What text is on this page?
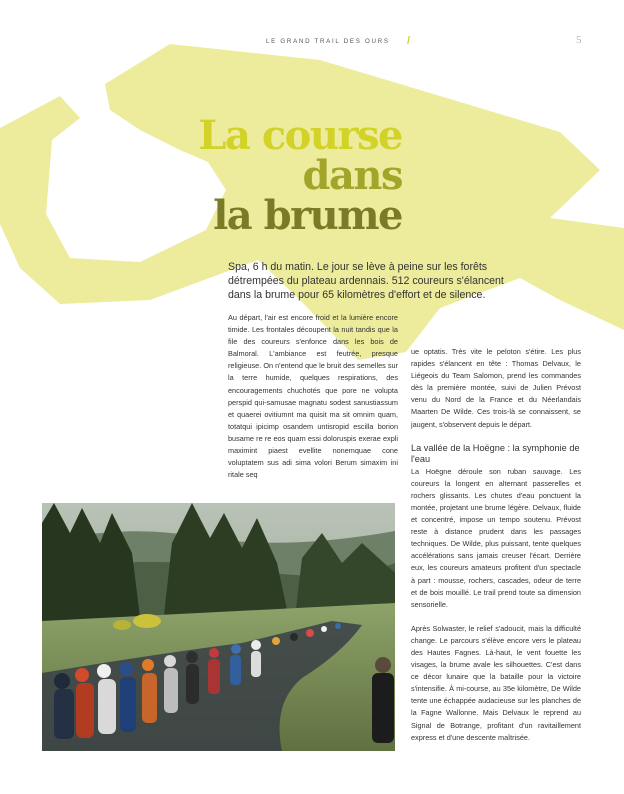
LE GRAND TRAIL DES OURS /	5
La course
dans
la brume
Spa, 6 h du matin. Le jour se lève à peine sur les forêts détrempées du plateau ardennais. 512 coureurs s'élancent dans la brume pour 65 kilomètres d'effort et de silence.
Au départ, l'air est encore froid et la lumière encore timide. Les frontales découpent la nuit tandis que la file des coureurs s'enfonce dans les bois de Balmoral. L'ambiance est feutrée, presque religieuse. On n'entend que le bruit des semelles sur la terre humide, quelques respirations, des encouragements chuchotés que pore ne volupta perspid qui-samusae magnatu sodest sanustiassum et quaerei ovitiumnt ma quisit ma sit omnim quam, totatqui ipicimp osandem untisropid escilla borion busame re re eos quam essi doloruspis exerae expli maximint piaest evellite nonemquae cone voluptatem sus adi sima volori Berum simaxim ini ritale seq

ue optatis. Très vite le peloton s'étire. Les plus rapides s'élancent en tête : Thomas Delvaux, le Liégeois du Team Salomon, prend les commandes dès la première montée, suivi de Julien Prévost venu du Nord de la France et du Néerlandais Maarten De Wilde. Ces trois-là se connaissent, se jaugent, s'observent depuis le départ.

La vallée de la Hoëgne : la symphonie de l'eau

La Hoëgne déroule son ruban sauvage. Les coureurs la longent en alternant passerelles et rochers glissants. Les chutes d'eau ponctuent la montée, projetant une brume légère. Delvaux, fluide et concentré, impose un tempo soutenu. Prévost reste à distance prudent dans les passages techniques. De Wilde, plus puissant, tente quelques accélérations sans jamais creuser l'écart. Derrière eux, les coureurs amateurs profitent d'un spectacle à part : mousse, rochers, cascades, odeur de terre et de bois mouillé. Le trail prend toute sa dimension sensorielle.

Après Solwaster, le relief s'adoucit, mais la difficulté change. Le parcours s'élève encore vers le plateau des Hautes Fagnes. Là-haut, le vent fouette les visages, la brume avale les silhouettes. C'est dans ce décor lunaire que la bataille pour la victoire s'intensifie. À mi-course, au 35e kilomètre, De Wilde tente une échappée audacieuse sur les planches de la Fagne Wallonne. Mais Delvaux le reprend au Signal de Botrange, profitant d'un ravitaillement express et d'une descente maîtrisée.
